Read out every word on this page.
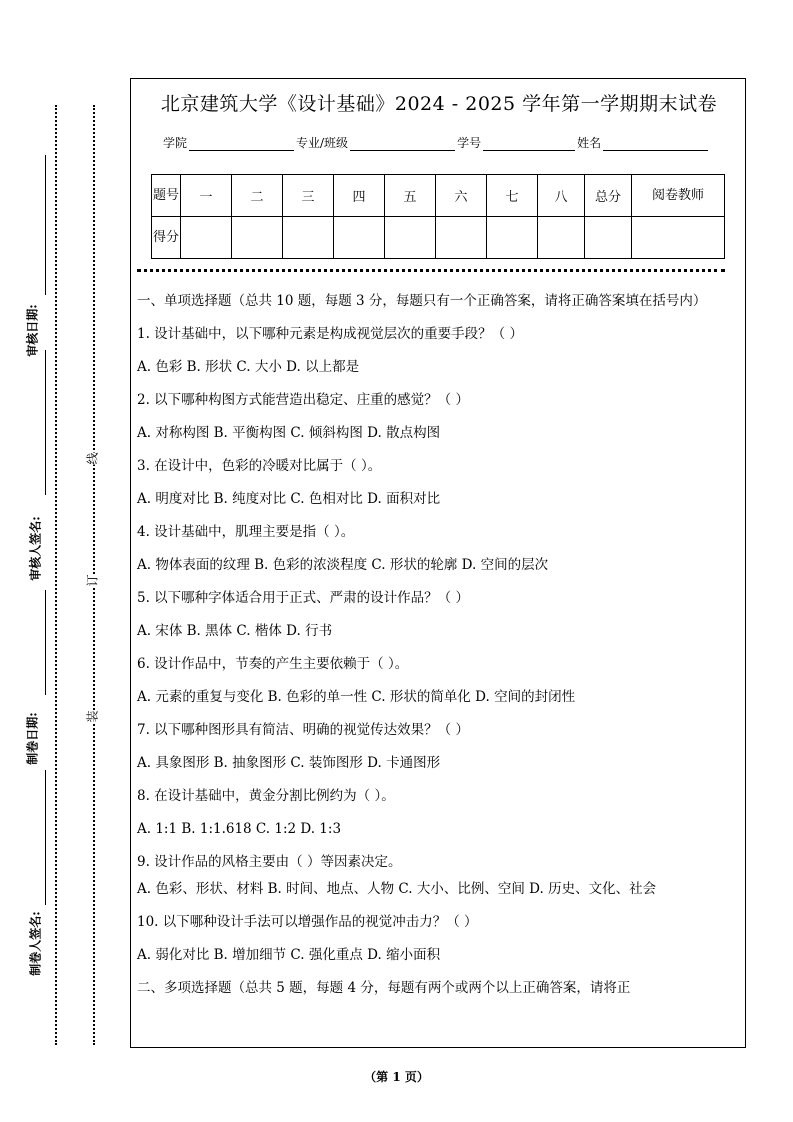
审核日期:
审核人签名:
制卷日期:
制卷人签名:
线
订
装
北京建筑大学《设计基础》2024 - 2025 学年第一学期期末试卷
学院	专业/班级	学号	姓名
题号	一	二	三	四	五	六	七	八	总分	阅卷教师
得分										

一、单项选择题（总共 10 题，每题 3 分，每题只有一个正确答案，请将正确答案填在括号内）

1. 设计基础中，以下哪种元素是构成视觉层次的重要手段？（ ）

A. 色彩 B. 形状 C. 大小 D. 以上都是

2. 以下哪种构图方式能营造出稳定、庄重的感觉？（ ）

A. 对称构图 B. 平衡构图 C. 倾斜构图 D. 散点构图

3. 在设计中，色彩的冷暖对比属于（ ）。

A. 明度对比 B. 纯度对比 C. 色相对比 D. 面积对比

4. 设计基础中，肌理主要是指（ ）。

A. 物体表面的纹理 B. 色彩的浓淡程度 C. 形状的轮廓 D. 空间的层次

5. 以下哪种字体适合用于正式、严肃的设计作品？（ ）

A. 宋体 B. 黑体 C. 楷体 D. 行书

6. 设计作品中，节奏的产生主要依赖于（ ）。

A. 元素的重复与变化 B. 色彩的单一性 C. 形状的简单化 D. 空间的封闭性

7. 以下哪种图形具有简洁、明确的视觉传达效果？（ ）

A. 具象图形 B. 抽象图形 C. 装饰图形 D. 卡通图形

8. 在设计基础中，黄金分割比例约为（ ）。

A. 1:1 B. 1:1.618 C. 1:2 D. 1:3

9. 设计作品的风格主要由（ ）等因素决定。

A. 色彩、形状、材料 B. 时间、地点、人物 C. 大小、比例、空间 D. 历史、文化、社会

10. 以下哪种设计手法可以增强作品的视觉冲击力？（ ）

A. 弱化对比 B. 增加细节 C. 强化重点 D. 缩小面积

二、多项选择题（总共 5 题，每题 4 分，每题有两个或两个以上正确答案，请将正

（第 1 页）
